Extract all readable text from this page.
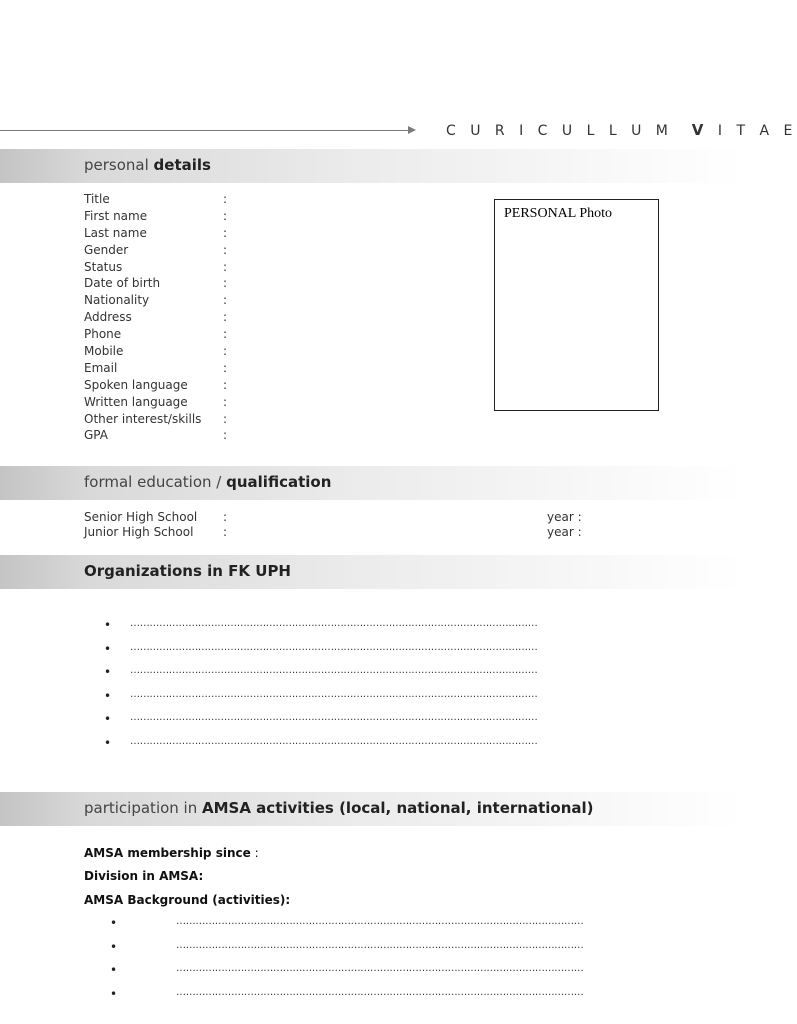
C U R I C U L L U M V I T A E
personal details
Title	:
First name	:
Last name	:
Gender	:
Status	:
Date of birth	:
Nationality	:
Address	:
Phone	:
Mobile	:
Email	:
Spoken language	:
Written language	:
Other interest/skills :
GPA	:
PERSONAL Photo
formal education / qualification
Senior High School :	year :
Junior High School :	year :
Organizations in FK UPH
• ………………………………………………………………………………………………………………
• ………………………………………………………………………………………………………………
• ………………………………………………………………………………………………………………
• ………………………………………………………………………………………………………………
• ………………………………………………………………………………………………………………
• ………………………………………………………………………………………………………………
participation in AMSA activities (local, national, international)
AMSA membership since :
Division in AMSA:
AMSA Background (activities):
•	………………………………………………………………………………………………………………
•	………………………………………………………………………………………………………………
•	………………………………………………………………………………………………………………
•	………………………………………………………………………………………………………………
